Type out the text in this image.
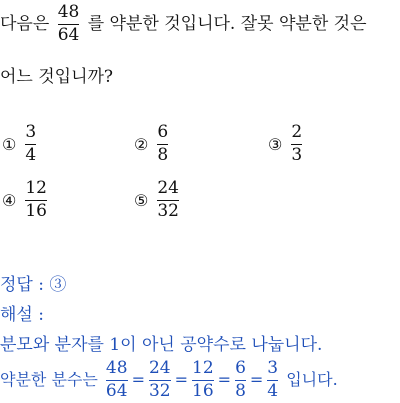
다음은 $\frac{48}{64}$ 를 약분한 것입니다. 잘못 약분한 것은
어느 것입니까?
① $\frac{3}{4}$	② $\frac{6}{8}$	③ $\frac{2}{3}$
④ $\frac{12}{16}$	⑤ $\frac{24}{32}$
정답 : ③
해설 :
분모와 분자를 1이 아닌 공약수로 나눕니다.
약분한 분수는 $\frac{48}{64} = \frac{24}{32} = \frac{12}{16} = \frac{6}{8} = \frac{3}{4}$ 입니다.
